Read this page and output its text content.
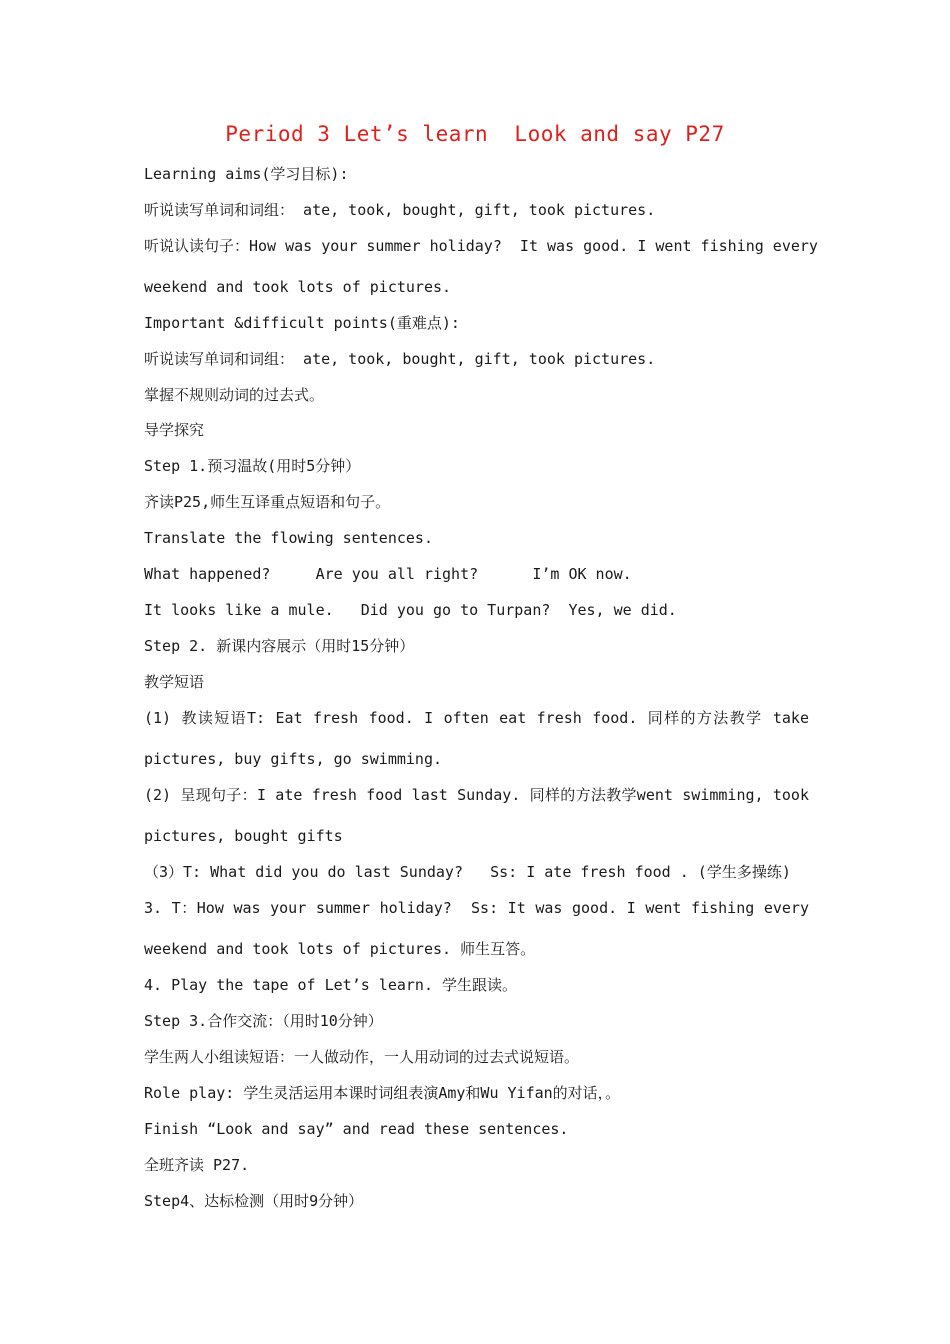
Period 3 Let’s learn  Look and say P27
Learning aims(学习目标):
听说读写单词和词组： ate, took, bought, gift, took pictures.
听说认读句子：How was your summer holiday?  It was good. I went fishing every
weekend and took lots of pictures.
Important &difficult points(重难点):
听说读写单词和词组： ate, took, bought, gift, took pictures.
掌握不规则动词的过去式。
导学探究
Step 1.预习温故(用时5分钟）
齐读P25,师生互译重点短语和句子。
Translate the flowing sentences.
What happened?     Are you all right?      I’m OK now.
It looks like a mule.   Did you go to Turpan?  Yes, we did.
Step 2. 新课内容展示（用时15分钟）
教学短语
(1) 教读短语T: Eat fresh food. I often eat fresh food. 同样的方法教学 take
pictures, buy gifts, go swimming.
(2) 呈现句子：I ate fresh food last Sunday. 同样的方法教学went swimming, took
pictures, bought gifts
（3）T: What did you do last Sunday?   Ss: I ate fresh food . (学生多操练)
3. T：How was your summer holiday?  Ss: It was good. I went fishing every
weekend and took lots of pictures. 师生互答。
4. Play the tape of Let’s learn. 学生跟读。
Step 3.合作交流：（用时10分钟）
学生两人小组读短语：一人做动作，一人用动词的过去式说短语。
Role play: 学生灵活运用本课时词组表演Amy和Wu Yifan的对话，。
Finish “Look and say” and read these sentences.
全班齐读 P27.
Step4、达标检测（用时9分钟）
